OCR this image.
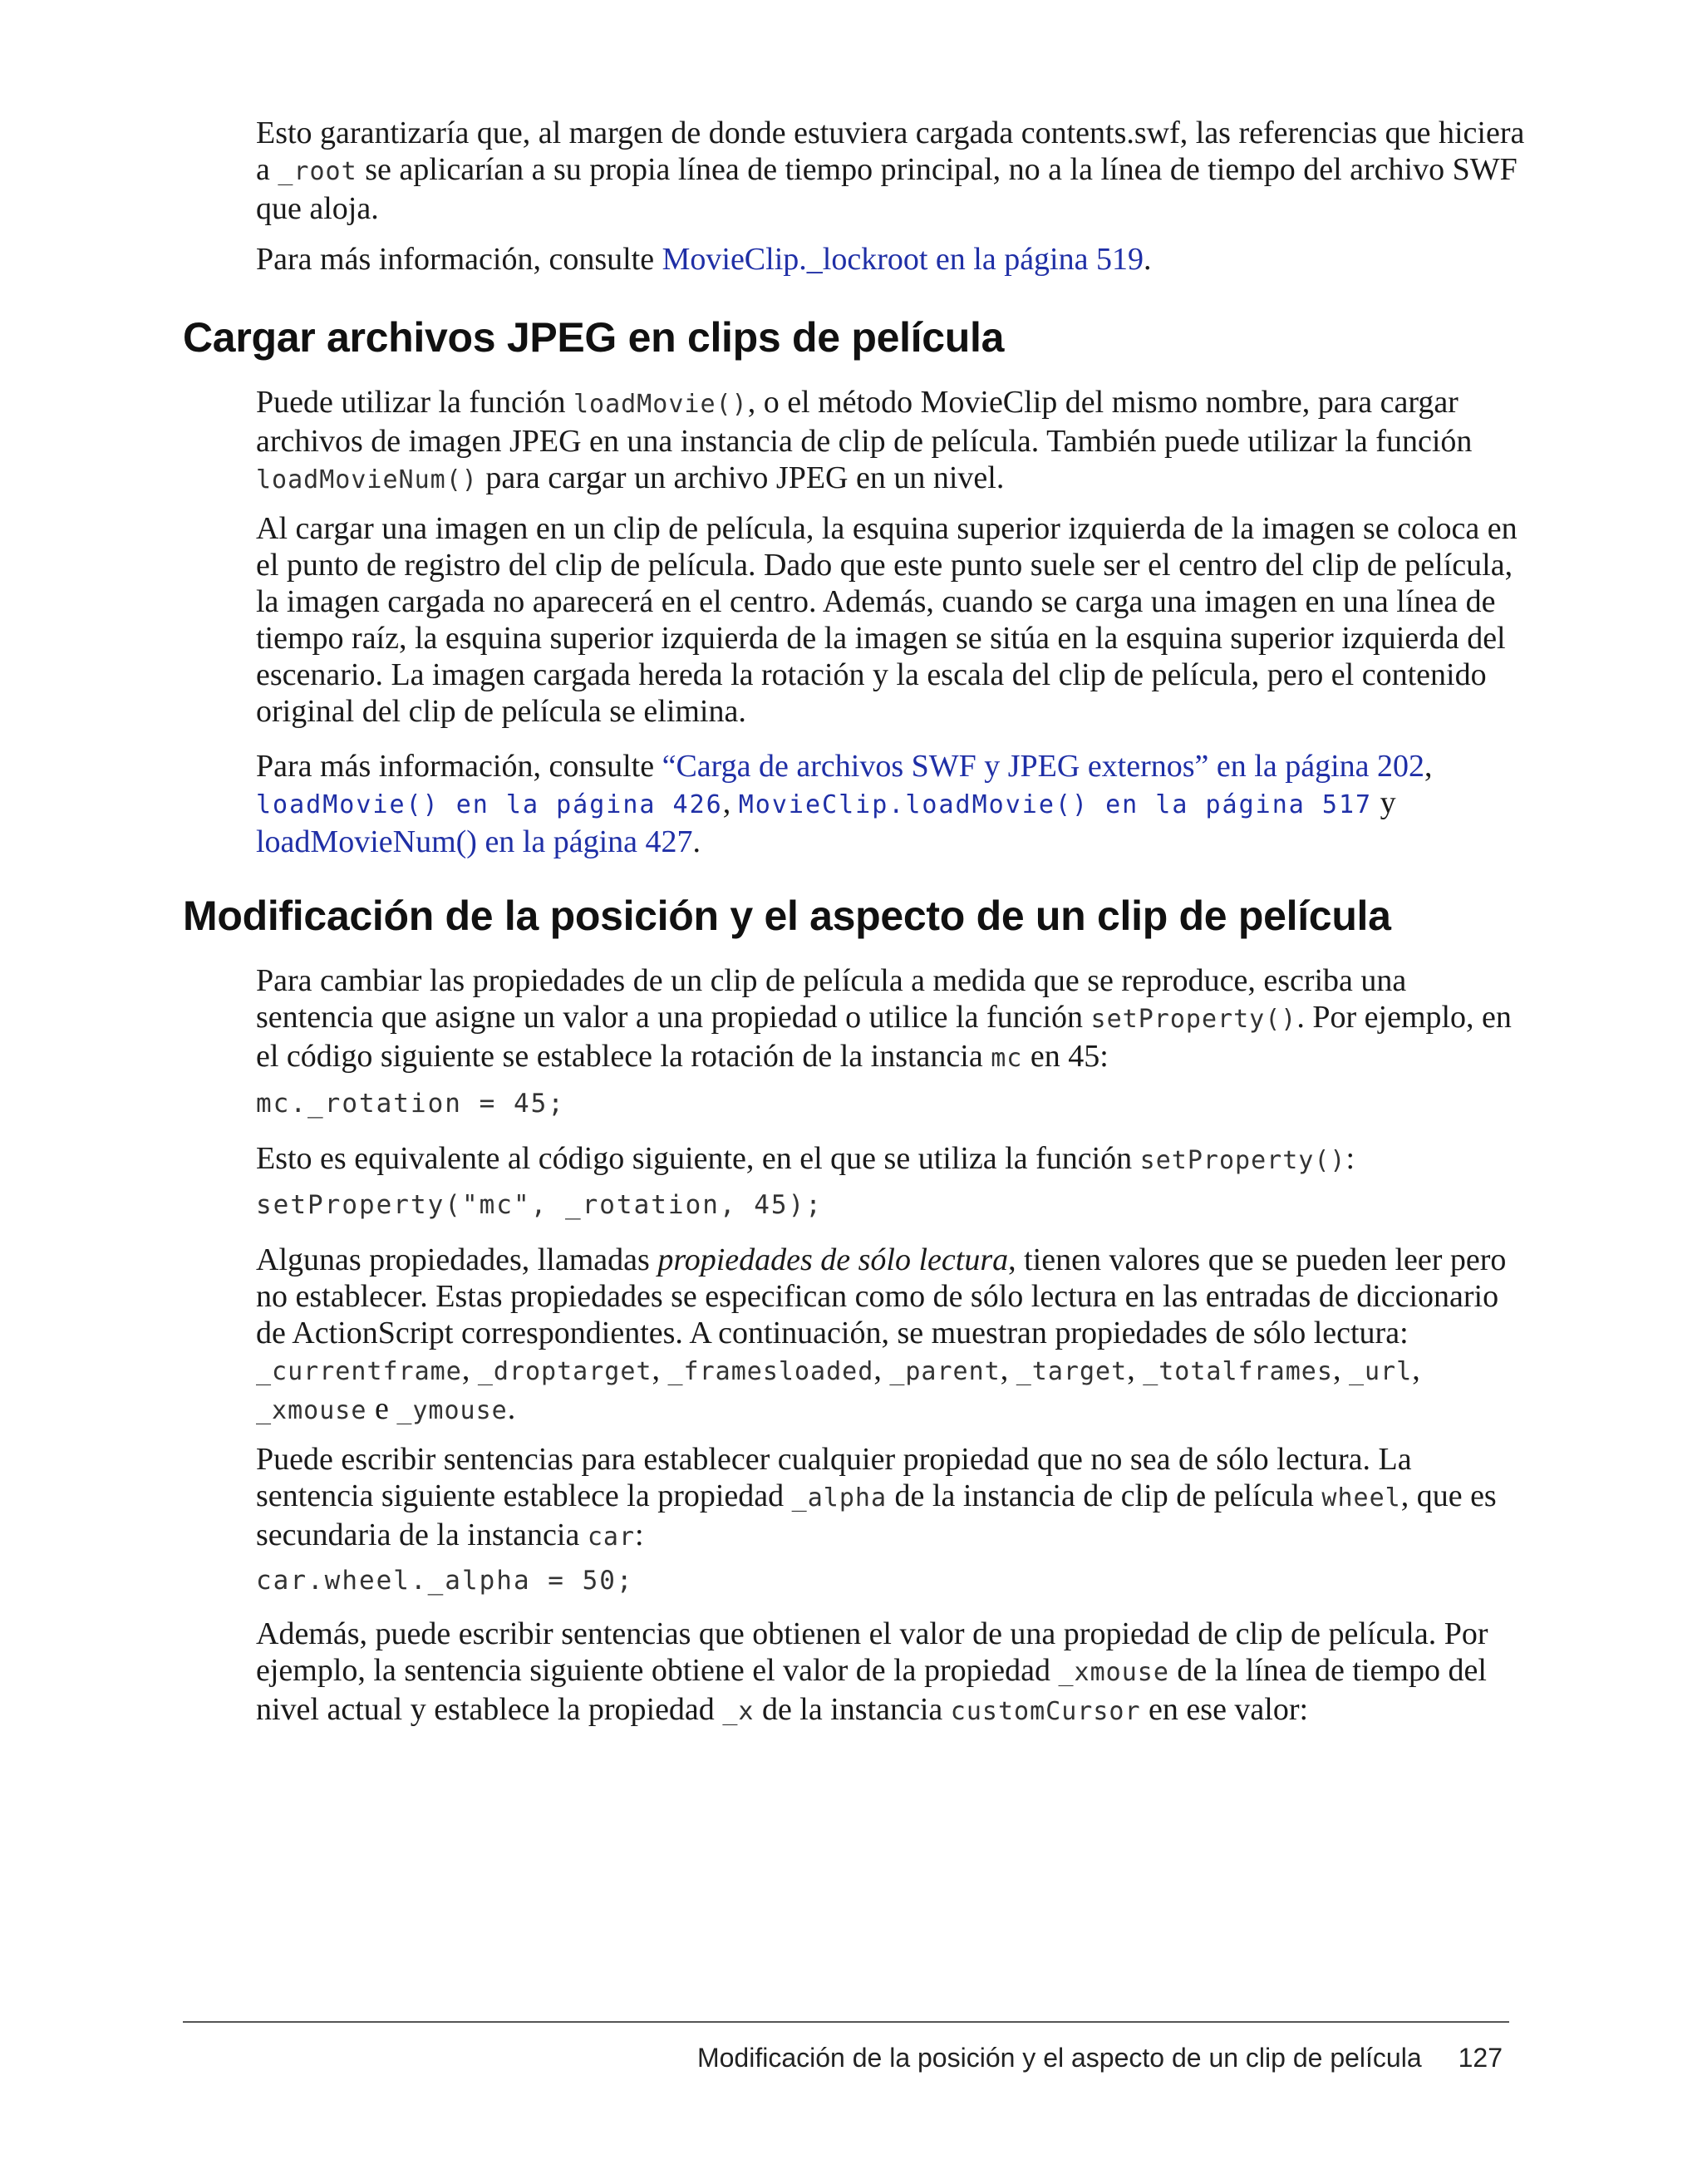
Esto garantizaría que, al margen de donde estuviera cargada contents.swf, las referencias que hiciera a _root se aplicarían a su propia línea de tiempo principal, no a la línea de tiempo del archivo SWF que aloja.

Para más información, consulte MovieClip._lockroot en la página 519.

Cargar archivos JPEG en clips de película

Puede utilizar la función loadMovie(), o el método MovieClip del mismo nombre, para cargar archivos de imagen JPEG en una instancia de clip de película. También puede utilizar la función loadMovieNum() para cargar un archivo JPEG en un nivel.

Al cargar una imagen en un clip de película, la esquina superior izquierda de la imagen se coloca en el punto de registro del clip de película. Dado que este punto suele ser el centro del clip de película, la imagen cargada no aparecerá en el centro. Además, cuando se carga una imagen en una línea de tiempo raíz, la esquina superior izquierda de la imagen se sitúa en la esquina superior izquierda del escenario. La imagen cargada hereda la rotación y la escala del clip de película, pero el contenido original del clip de película se elimina.

Para más información, consulte “Carga de archivos SWF y JPEG externos” en la página 202,
loadMovie() en la página 426, MovieClip.loadMovie() en la página 517 y
loadMovieNum() en la página 427.

Modificación de la posición y el aspecto de un clip de película

Para cambiar las propiedades de un clip de película a medida que se reproduce, escriba una sentencia que asigne un valor a una propiedad o utilice la función setProperty(). Por ejemplo, en el código siguiente se establece la rotación de la instancia mc en 45:

mc._rotation = 45;

Esto es equivalente al código siguiente, en el que se utiliza la función setProperty():

setProperty("mc", _rotation, 45);

Algunas propiedades, llamadas propiedades de sólo lectura, tienen valores que se pueden leer pero no establecer. Estas propiedades se especifican como de sólo lectura en las entradas de diccionario de ActionScript correspondientes. A continuación, se muestran propiedades de sólo lectura:
_currentframe, _droptarget, _framesloaded, _parent, _target, _totalframes, _url,
_xmouse e _ymouse.

Puede escribir sentencias para establecer cualquier propiedad que no sea de sólo lectura. La sentencia siguiente establece la propiedad _alpha de la instancia de clip de película wheel, que es secundaria de la instancia car:

car.wheel._alpha = 50;

Además, puede escribir sentencias que obtienen el valor de una propiedad de clip de película. Por ejemplo, la sentencia siguiente obtiene el valor de la propiedad _xmouse de la línea de tiempo del nivel actual y establece la propiedad _x de la instancia customCursor en ese valor:

Modificación de la posición y el aspecto de un clip de película 127
